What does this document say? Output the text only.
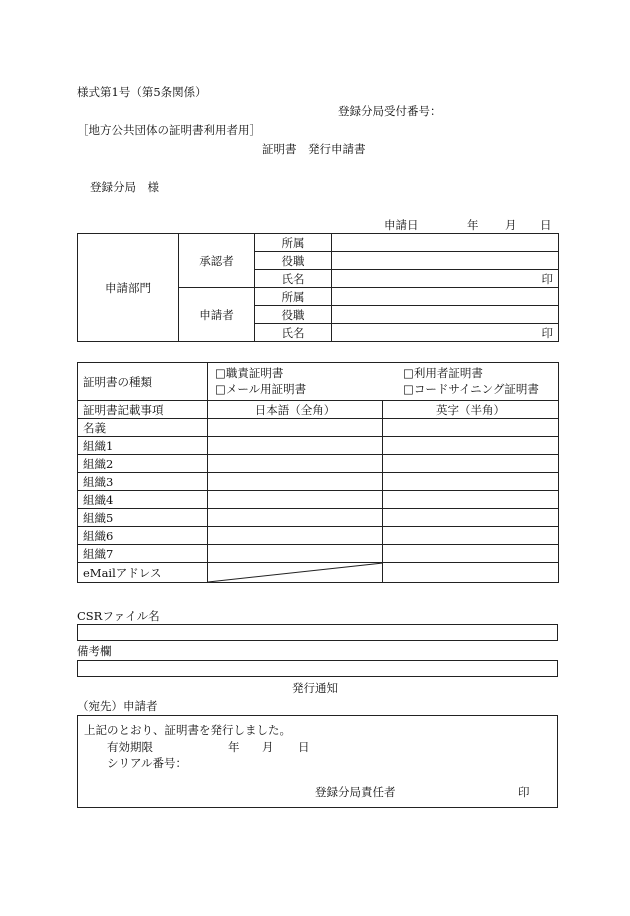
様式第1号（第5条関係）
登録分局受付番号：
［地方公共団体の証明書利用者用］
証明書　発行申請書
登録分局　様
申請日	年 月 日
申請部門	承認者	所属	
		役職	
		氏名	印
	申請者	所属	
		役職	
		氏名	印
証明書の種類	□職責証明書 □利用者証明書
□メール用証明書 □コードサイニング証明書	

証明書記載事項	日本語（全角）	英字（半角）
名義		
組織1		
組織2		
組織3		
組織4		
組織5		
組織6		
組織7		
eMailアドレス	

CSRファイル名
備考欄
発行通知
（宛先）申請者
上記のとおり、証明書を発行しました。
有効期限	年 月 日
シリアル番号：
登録分局責任者	印
